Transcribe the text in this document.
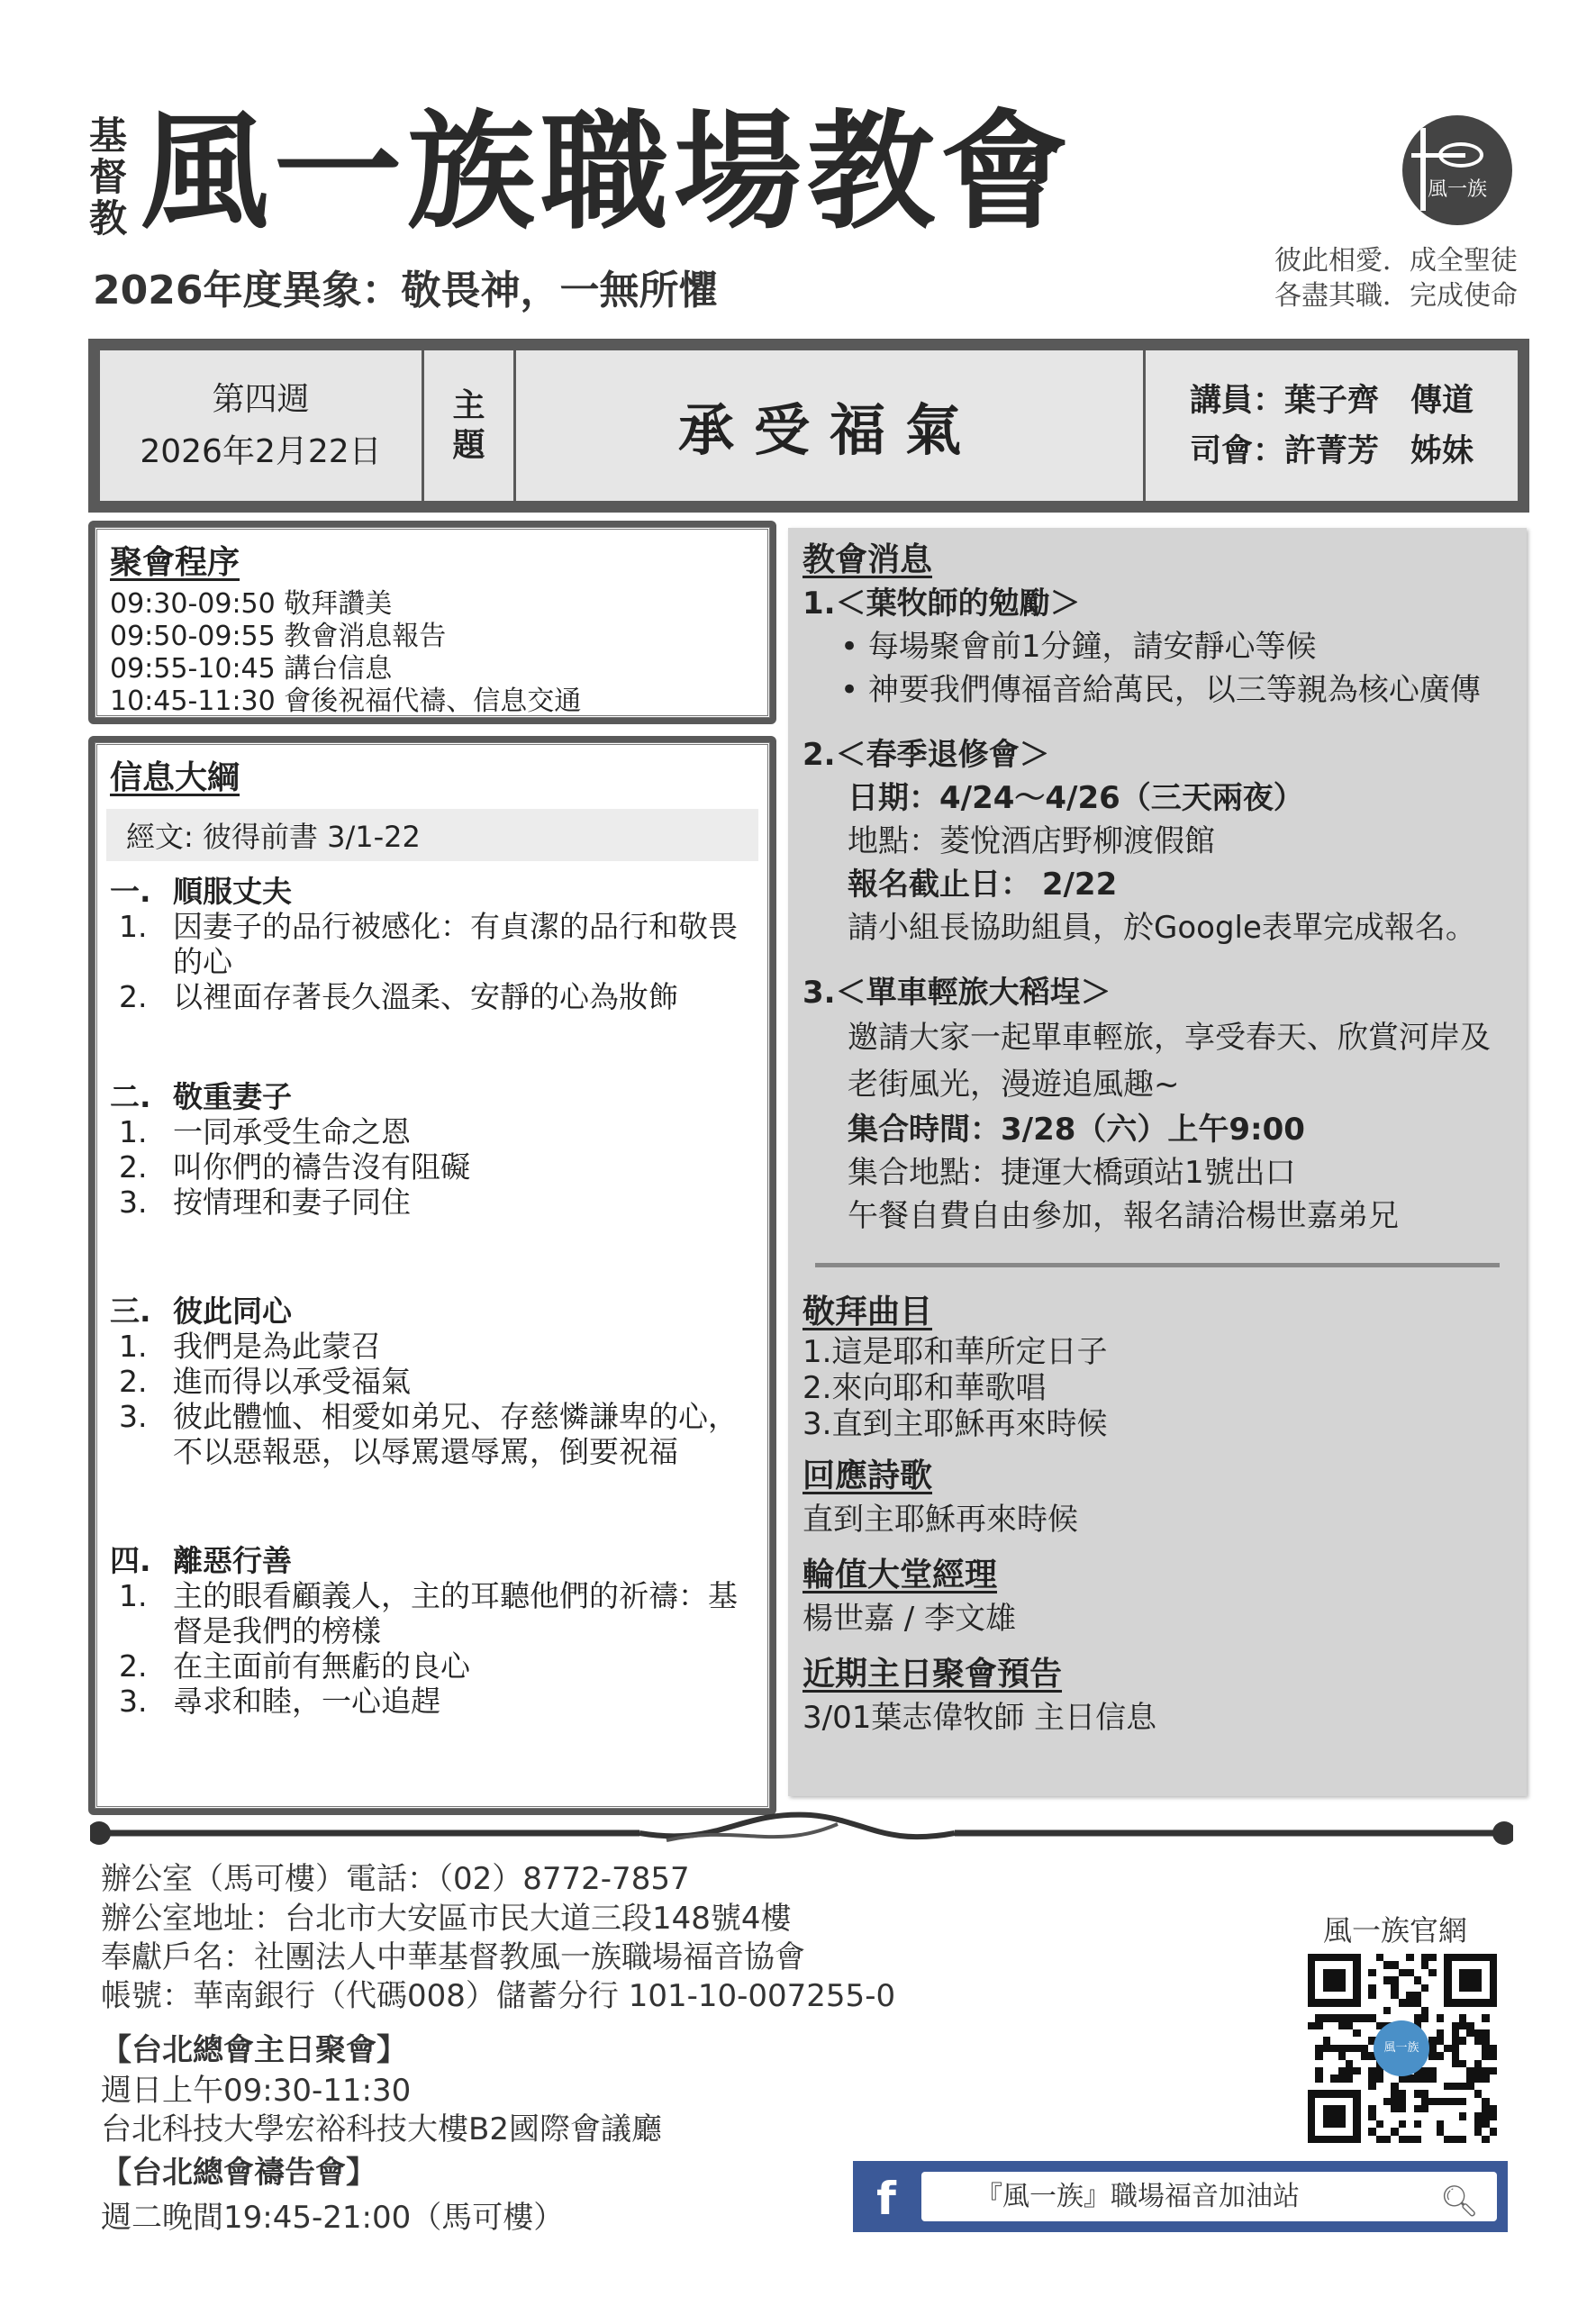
基
督
教 風一族職場教會	風一族
彼此相愛．成全聖徒
各盡其職．完成使命
2026年度異象：敬畏神，一無所懼
第四週
2026年2月22日
主
題	承受福氣	講員：葉子齊　傳道
司會：許菁芳　姊妹
聚會程序
09:30-09:50 敬拜讚美
09:50-09:55 教會消息報告
09:55-10:45 講台信息
10:45-11:30 會後祝福代禱、信息交通
信息大綱
經文: 彼得前書 3/1-22
一. 順服丈夫
1. 因妻子的品行被感化：有貞潔的品行和敬畏的心
2. 以裡面存著長久溫柔、安靜的心為妝飾
二. 敬重妻子
1. 一同承受生命之恩
2. 叫你們的禱告沒有阻礙
3. 按情理和妻子同住
三. 彼此同心
1. 我們是為此蒙召
2. 進而得以承受福氣
3. 彼此體恤、相愛如弟兄、存慈憐謙卑的心，不以惡報惡，以辱罵還辱罵，倒要祝福
四. 離惡行善
1. 主的眼看顧義人，主的耳聽他們的祈禱：基督是我們的榜樣
2. 在主面前有無虧的良心
3. 尋求和睦，一心追趕
教會消息
1.＜葉牧師的勉勵＞
• 每場聚會前1分鐘，請安靜心等候
• 神要我們傳福音給萬民，以三等親為核心廣傳
2.＜春季退修會＞
日期：4/24～4/26（三天兩夜）
地點：菱悅酒店野柳渡假館
報名截止日： 2/22
請小組長協助組員，於Google表單完成報名。
3.＜單車輕旅大稻埕＞
邀請大家一起單車輕旅，享受春天、欣賞河岸及老街風光，漫遊追風趣~
集合時間：3/28（六）上午9:00
集合地點：捷運大橋頭站1號出口
午餐自費自由參加，報名請洽楊世嘉弟兄
敬拜曲目
1.這是耶和華所定日子
2.來向耶和華歌唱
3.直到主耶穌再來時候
回應詩歌
直到主耶穌再來時候
輪值大堂經理
楊世嘉 / 李文雄
近期主日聚會預告
3/01葉志偉牧師 主日信息
辦公室（馬可樓）電話：（02）8772-7857
辦公室地址：台北市大安區市民大道三段148號4樓
奉獻戶名：社團法人中華基督教風一族職場福音協會
帳號：華南銀行（代碼008）儲蓄分行 101-10-007255-0
【台北總會主日聚會】
週日上午09:30-11:30
台北科技大學宏裕科技大樓B2國際會議廳
【台北總會禱告會】
週二晚間19:45-21:00（馬可樓）
風一族官網
風一族
f	『風一族』職場福音加油站	🔍︎
